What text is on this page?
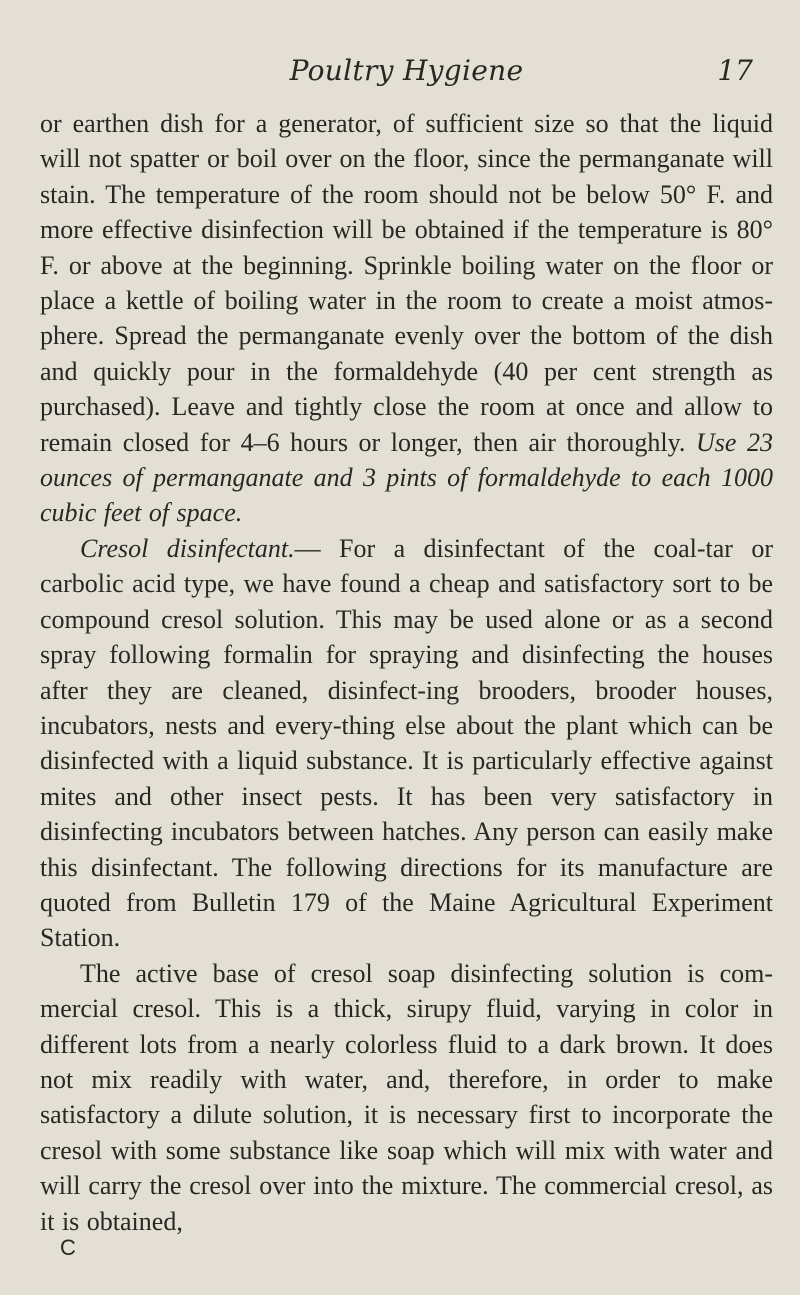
Poultry Hygiene	17

or earthen dish for a generator, of sufficient size so that the liquid will not spatter or boil over on the floor, since the permanganate will stain. The temperature of the room should not be below 50° F. and more effective disinfection will be obtained if the temperature is 80° F. or above at the beginning. Sprinkle boiling water on the floor or place a kettle of boiling water in the room to create a moist atmos-phere. Spread the permanganate evenly over the bottom of the dish and quickly pour in the formaldehyde (40 per cent strength as purchased). Leave and tightly close the room at once and allow to remain closed for 4–6 hours or longer, then air thoroughly. Use 23 ounces of permanganate and 3 pints of formaldehyde to each 1000 cubic feet of space.

Cresol disinfectant.— For a disinfectant of the coal-tar or carbolic acid type, we have found a cheap and satisfactory sort to be compound cresol solution. This may be used alone or as a second spray following formalin for spraying and disinfecting the houses after they are cleaned, disinfect-ing brooders, brooder houses, incubators, nests and every-thing else about the plant which can be disinfected with a liquid substance. It is particularly effective against mites and other insect pests. It has been very satisfactory in disinfecting incubators between hatches. Any person can easily make this disinfectant. The following directions for its manufacture are quoted from Bulletin 179 of the Maine Agricultural Experiment Station.

The active base of cresol soap disinfecting solution is com-mercial cresol. This is a thick, sirupy fluid, varying in color in different lots from a nearly colorless fluid to a dark brown. It does not mix readily with water, and, therefore, in order to make satisfactory a dilute solution, it is necessary first to incorporate the cresol with some substance like soap which will mix with water and will carry the cresol over into the mixture. The commercial cresol, as it is obtained,

C
